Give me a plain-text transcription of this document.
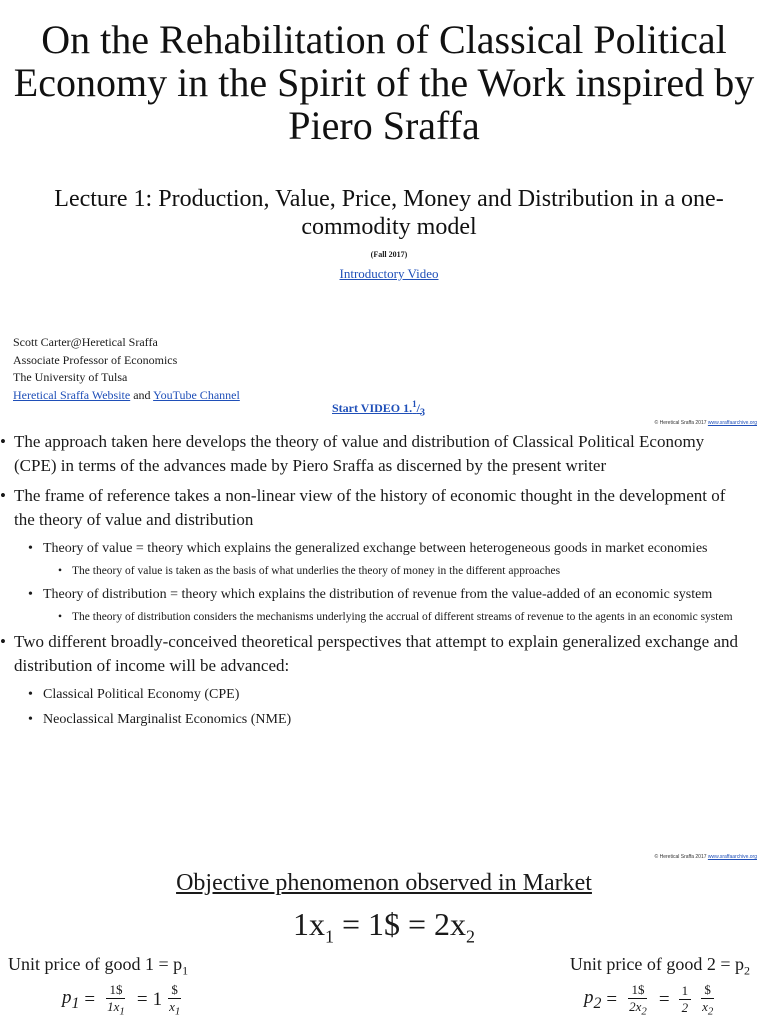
On the Rehabilitation of Classical Political Economy in the Spirit of the Work inspired by Piero Sraffa
Lecture 1: Production, Value, Price, Money and Distribution in a one-commodity model
(Fall 2017)
Introductory Video
Scott Carter@Heretical Sraffa
Associate Professor of Economics
The University of Tulsa
Heretical Sraffa Website and YouTube Channel
Start VIDEO $1.^1/_3$
© Heretical Sraffa 2017 www.sraffaarchive.org
• The approach taken here develops the theory of value and distribution of Classical Political Economy (CPE) in terms of the advances made by Piero Sraffa as discerned by the present writer
• The frame of reference takes a non-linear view of the history of economic thought in the development of the theory of value and distribution
• Theory of value = theory which explains the generalized exchange between heterogeneous goods in market economies
• The theory of value is taken as the basis of what underlies the theory of money in the different approaches
• Theory of distribution = theory which explains the distribution of revenue from the value-added of an economic system
• The theory of distribution considers the mechanisms underlying the accrual of different streams of revenue to the agents in an economic system
• Two different broadly-conceived theoretical perspectives that attempt to explain generalized exchange and distribution of income will be advanced:
• Classical Political Economy (CPE)
• Neoclassical Marginalist Economics (NME)
© Heretical Sraffa 2017 www.sraffaarchive.org
Objective phenomenon observed in Market
$1x_1$ = 1$ = $2x_2$
Unit price of good $1 = p_1$	Unit price of good $2 = p_2$
$p_1 = \frac{1\$}{1x_1} = 1 \frac{\$}{x_1}$	$p_2 = \frac{1\$}{2x_2} = \frac{1}{2} \frac{\$}{x_2}$
